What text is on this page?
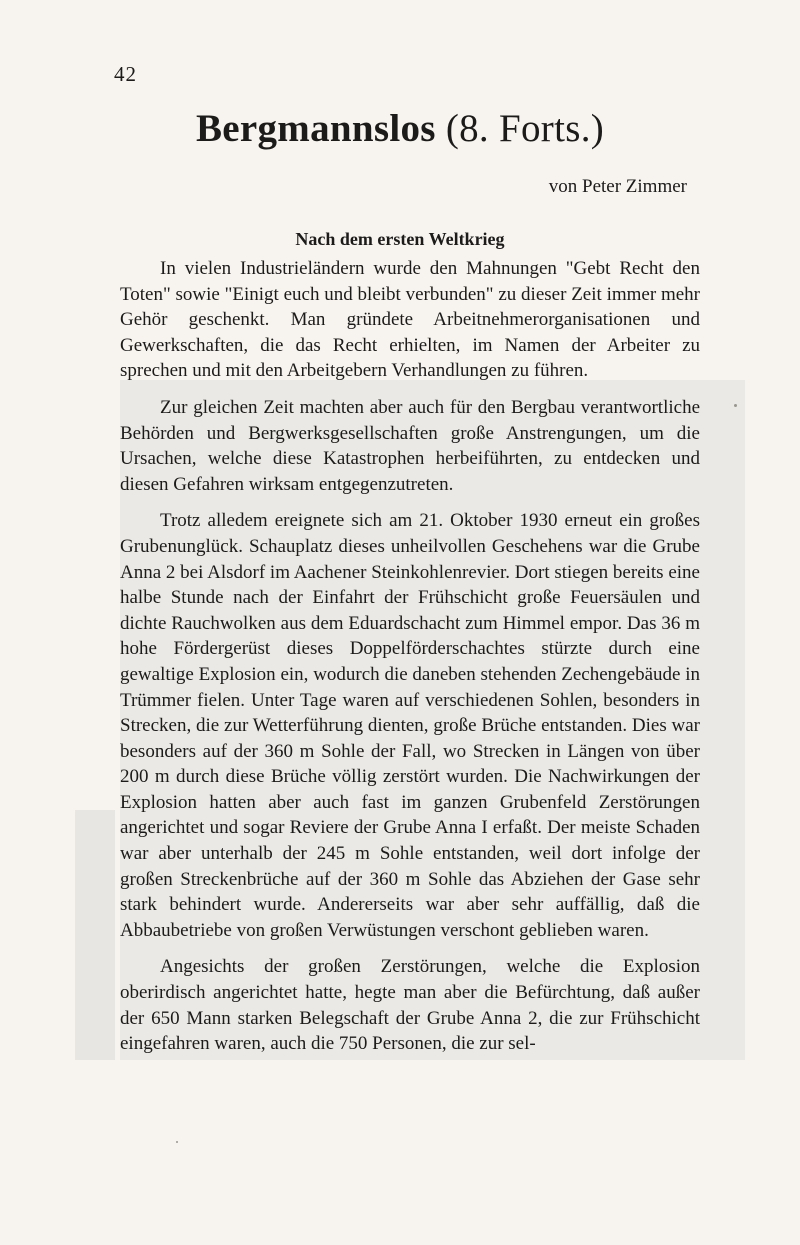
42
Bergmannslos (8. Forts.)
von Peter Zimmer
Nach dem ersten Weltkrieg

In vielen Industrieländern wurde den Mahnungen "Gebt Recht den Toten" sowie "Einigt euch und bleibt verbunden" zu dieser Zeit immer mehr Gehör geschenkt. Man gründete Arbeitnehmerorganisationen und Gewerkschaften, die das Recht erhielten, im Namen der Arbeiter zu sprechen und mit den Arbeitgebern Verhandlungen zu führen.

Zur gleichen Zeit machten aber auch für den Bergbau verantwortliche Behörden und Bergwerksgesellschaften große Anstrengungen, um die Ursachen, welche diese Katastrophen herbeiführten, zu entdecken und diesen Gefahren wirksam entgegenzutreten.

Trotz alledem ereignete sich am 21. Oktober 1930 erneut ein großes Grubenunglück. Schauplatz dieses unheilvollen Geschehens war die Grube Anna 2 bei Alsdorf im Aachener Steinkohlenrevier. Dort stiegen bereits eine halbe Stunde nach der Einfahrt der Frühschicht große Feuersäulen und dichte Rauchwolken aus dem Eduardschacht zum Himmel empor. Das 36 m hohe Fördergerüst dieses Doppelförderschachtes stürzte durch eine gewaltige Explosion ein, wodurch die daneben stehenden Zechengebäude in Trümmer fielen. Unter Tage waren auf verschiedenen Sohlen, besonders in Strecken, die zur Wetterführung dienten, große Brüche entstanden. Dies war besonders auf der 360 m Sohle der Fall, wo Strecken in Längen von über 200 m durch diese Brüche völlig zerstört wurden. Die Nachwirkungen der Explosion hatten aber auch fast im ganzen Grubenfeld Zerstörungen angerichtet und sogar Reviere der Grube Anna I erfaßt. Der meiste Schaden war aber unterhalb der 245 m Sohle entstanden, weil dort infolge der großen Streckenbrüche auf der 360 m Sohle das Abziehen der Gase sehr stark behindert wurde. Andererseits war aber sehr auffällig, daß die Abbaubetriebe von großen Verwüstungen verschont geblieben waren.

Angesichts der großen Zerstörungen, welche die Explosion oberirdisch angerichtet hatte, hegte man aber die Befürchtung, daß außer der 650 Mann starken Belegschaft der Grube Anna 2, die zur Frühschicht eingefahren waren, auch die 750 Personen, die zur sel-
